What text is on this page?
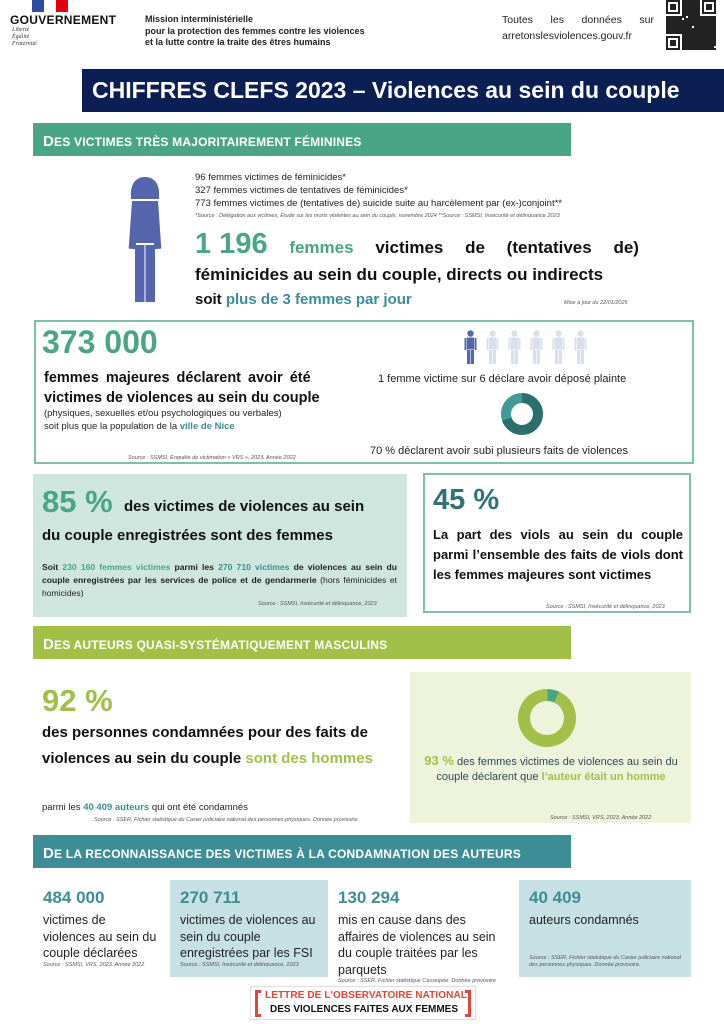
GOUVERNEMENT
Liberté
Égalité
Fraternité
Mission interministérielle
pour la protection des femmes contre les violences
et la lutte contre la traite des êtres humains
Toutes les données sur
arretonslesviolences.gouv.fr
CHIFFRES CLEFS 2023 – Violences au sein du couple
DES VICTIMES TRÈS MAJORITAIREMENT FÉMININES
96 femmes victimes de féminicides*
327 femmes victimes de tentatives de féminicides*
773 femmes victimes de (tentatives de) suicide suite au harcèlement par (ex-)conjoint**
*Source : Délégation aux victimes, Étude sur les morts violentes au sein du couple, novembre 2024 **Source : SSMSI, Insécurité et délinquance 2023
1 196 femmes victimes de (tentatives de)
féminicides au sein du couple, directs ou indirects
soit plus de 3 femmes par jour	Mise à jour du 22/01/2025
373 000
femmes majeures déclarent avoir été
victimes de violences au sein du couple
(physiques, sexuelles et/ou psychologiques ou verbales)
soit plus que la population de la ville de Nice
Source : SSMSI, Enquête de victimation « VRS », 2023. Année 2022
1 femme victime sur 6 déclare avoir déposé plainte
70 % déclarent avoir subi plusieurs faits de violences
85 % des victimes de violences au sein
du couple enregistrées sont des femmes
Soit 230 160 femmes victimes parmi les 270 710 victimes de violences au sein du couple enregistrées par les services de police et de gendarmerie (hors féminicides et homicides)
Source : SSMSI, Insécurité et délinquance, 2023
45 %
La part des viols au sein du couple parmi l’ensemble des faits de viols dont les femmes majeures sont victimes
Source : SSMSI, Insécurité et délinquance, 2023
DES AUTEURS QUASI-SYSTÉMATIQUEMENT MASCULINS
92 %
des personnes condamnées pour des faits de violences au sein du couple sont des hommes
parmi les 40 409 auteurs qui ont été condamnés
Source : SSER, Fichier statistique du Casier judiciaire national des personnes physiques. Donnée provisoire
93 % des femmes victimes de violences au sein du couple déclarent que l’auteur était un homme
Source : SSMSI, VRS, 2023. Année 2022
DE LA RECONNAISSANCE DES VICTIMES À LA CONDAMNATION DES AUTEURS
484 000
victimes de violences au sein du couple déclarées
Source : SSMSI, VRS, 2023. Année 2022
270 711
victimes de violences au sein du couple enregistrées par les FSI
Source : SSMSI, Insécurité et délinquance, 2023
130 294
mis en cause dans des affaires de violences au sein du couple traitées par les parquets
Source : SSER, Fichier statistique Cassiopée. Donnée provisoire
40 409
auteurs condamnés
Source : SSER, Fichier statistique du Casier judiciaire national des personnes physiques. Donnée provisoire.
LETTRE DE L'OBSERVATOIRE NATIONAL
DES VIOLENCES FAITES AUX FEMMES
